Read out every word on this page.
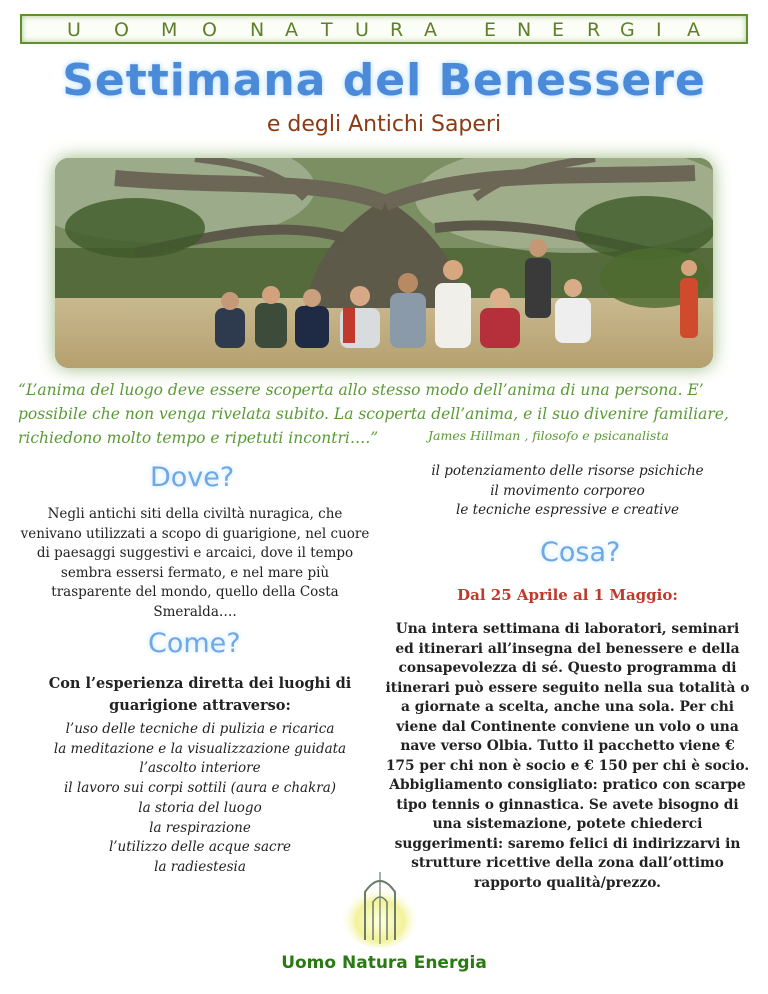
U O M O N A T U R A E N E R G I A
Settimana del Benessere
e degli Antichi Saperi
“L’anima del luogo deve essere scoperta allo stesso modo dell’anima di una persona. E’ possibile che non venga rivelata subito. La scoperta dell’anima, e il suo divenire familiare, richiedono molto tempo e ripetuti incontri….”	James Hillman , filosofo e psicanalista
Dove?
Negli antichi siti della civiltà nuragica, che venivano utilizzati a scopo di guarigione, nel cuore di paesaggi suggestivi e arcaici, dove il tempo sembra essersi fermato, e nel mare più trasparente del mondo, quello della Costa Smeralda….
Come?
Con l’esperienza diretta dei luoghi di guarigione attraverso:
l’uso delle tecniche di pulizia e ricarica
la meditazione e la visualizzazione guidata
l’ascolto interiore
il lavoro sui corpi sottili (aura e chakra)
la storia del luogo
la respirazione
l’utilizzo delle acque sacre
la radiestesia
il potenziamento delle risorse psichiche
il movimento corporeo
le tecniche espressive e creative
Cosa?
Dal 25 Aprile al 1 Maggio:
Una intera settimana di laboratori, seminari ed itinerari all’insegna del benessere e della consapevolezza di sé. Questo programma di itinerari può essere seguito nella sua totalità o a giornate a scelta, anche una sola. Per chi viene dal Continente conviene un volo o una nave verso Olbia. Tutto il pacchetto viene € 175 per chi non è socio e € 150 per chi è socio. Abbigliamento consigliato: pratico con scarpe tipo tennis o ginnastica. Se avete bisogno di una sistemazione, potete chiederci suggerimenti: saremo felici di indirizzarvi in strutture ricettive della zona dall’ottimo rapporto qualità/prezzo.
Uomo Natura Energia
